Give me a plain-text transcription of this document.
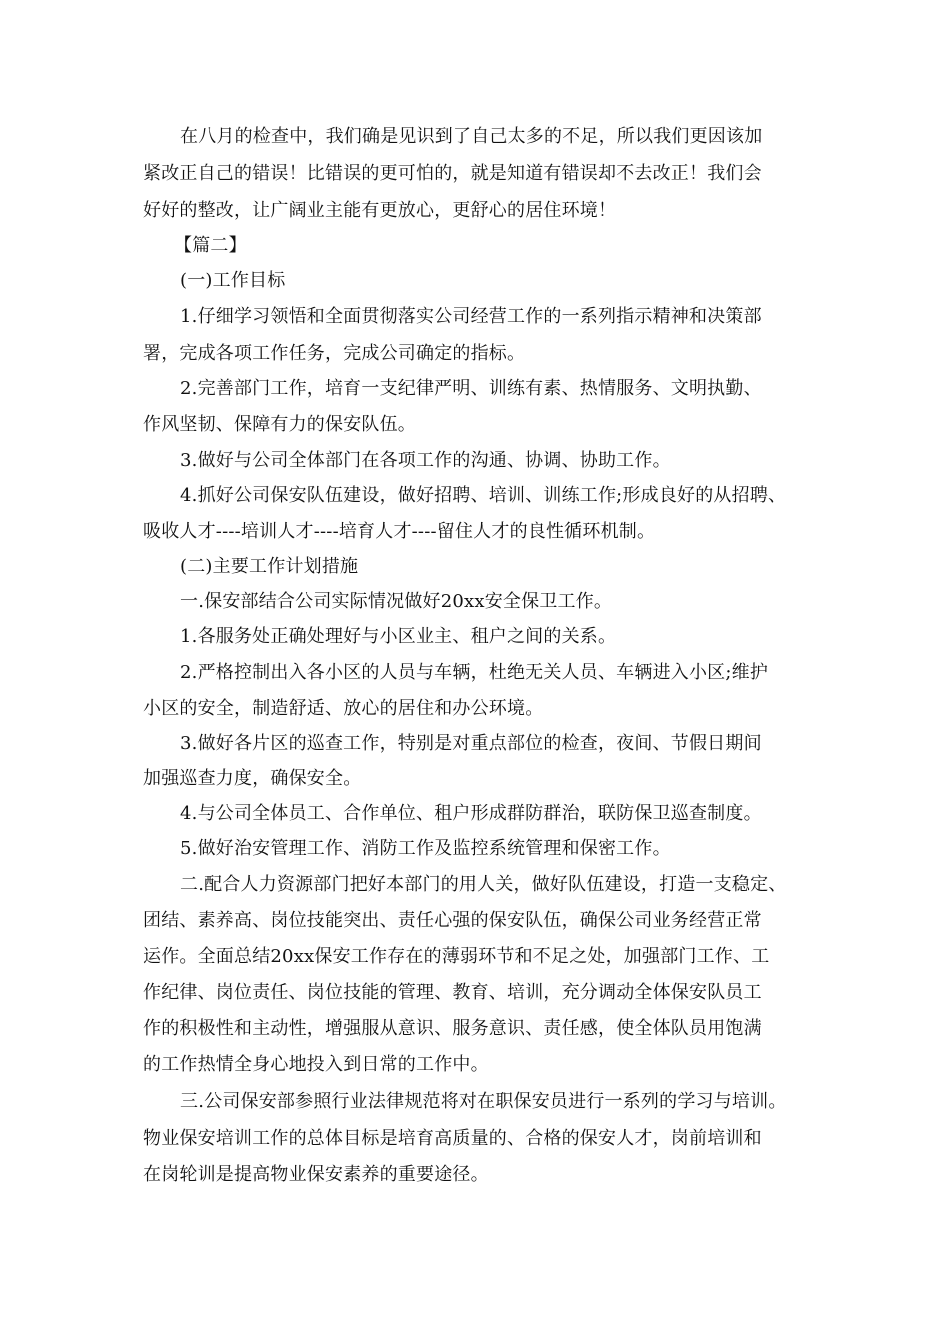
在八月的检查中，我们确是见识到了自己太多的不足，所以我们更因该加
紧改正自己的错误！比错误的更可怕的，就是知道有错误却不去改正！我们会
好好的整改，让广阔业主能有更放心，更舒心的居住环境！
【篇二】
(一)工作目标
1.仔细学习领悟和全面贯彻落实公司经营工作的一系列指示精神和决策部
署，完成各项工作任务，完成公司确定的指标。
2.完善部门工作，培育一支纪律严明、训练有素、热情服务、文明执勤、
作风坚韧、保障有力的保安队伍。
3.做好与公司全体部门在各项工作的沟通、协调、协助工作。
4.抓好公司保安队伍建设，做好招聘、培训、训练工作;形成良好的从招聘、
吸收人才----培训人才----培育人才----留住人才的良性循环机制。
(二)主要工作计划措施
一.保安部结合公司实际情况做好20xx安全保卫工作。
1.各服务处正确处理好与小区业主、租户之间的关系。
2.严格控制出入各小区的人员与车辆，杜绝无关人员、车辆进入小区;维护
小区的安全，制造舒适、放心的居住和办公环境。
3.做好各片区的巡查工作，特别是对重点部位的检查，夜间、节假日期间
加强巡查力度，确保安全。
4.与公司全体员工、合作单位、租户形成群防群治，联防保卫巡查制度。
5.做好治安管理工作、消防工作及监控系统管理和保密工作。
二.配合人力资源部门把好本部门的用人关，做好队伍建设，打造一支稳定、
团结、素养高、岗位技能突出、责任心强的保安队伍，确保公司业务经营正常
运作。全面总结20xx保安工作存在的薄弱环节和不足之处，加强部门工作、工
作纪律、岗位责任、岗位技能的管理、教育、培训，充分调动全体保安队员工
作的积极性和主动性，增强服从意识、服务意识、责任感，使全体队员用饱满
的工作热情全身心地投入到日常的工作中。
三.公司保安部参照行业法律规范将对在职保安员进行一系列的学习与培训。
物业保安培训工作的总体目标是培育高质量的、合格的保安人才，岗前培训和
在岗轮训是提高物业保安素养的重要途径。
